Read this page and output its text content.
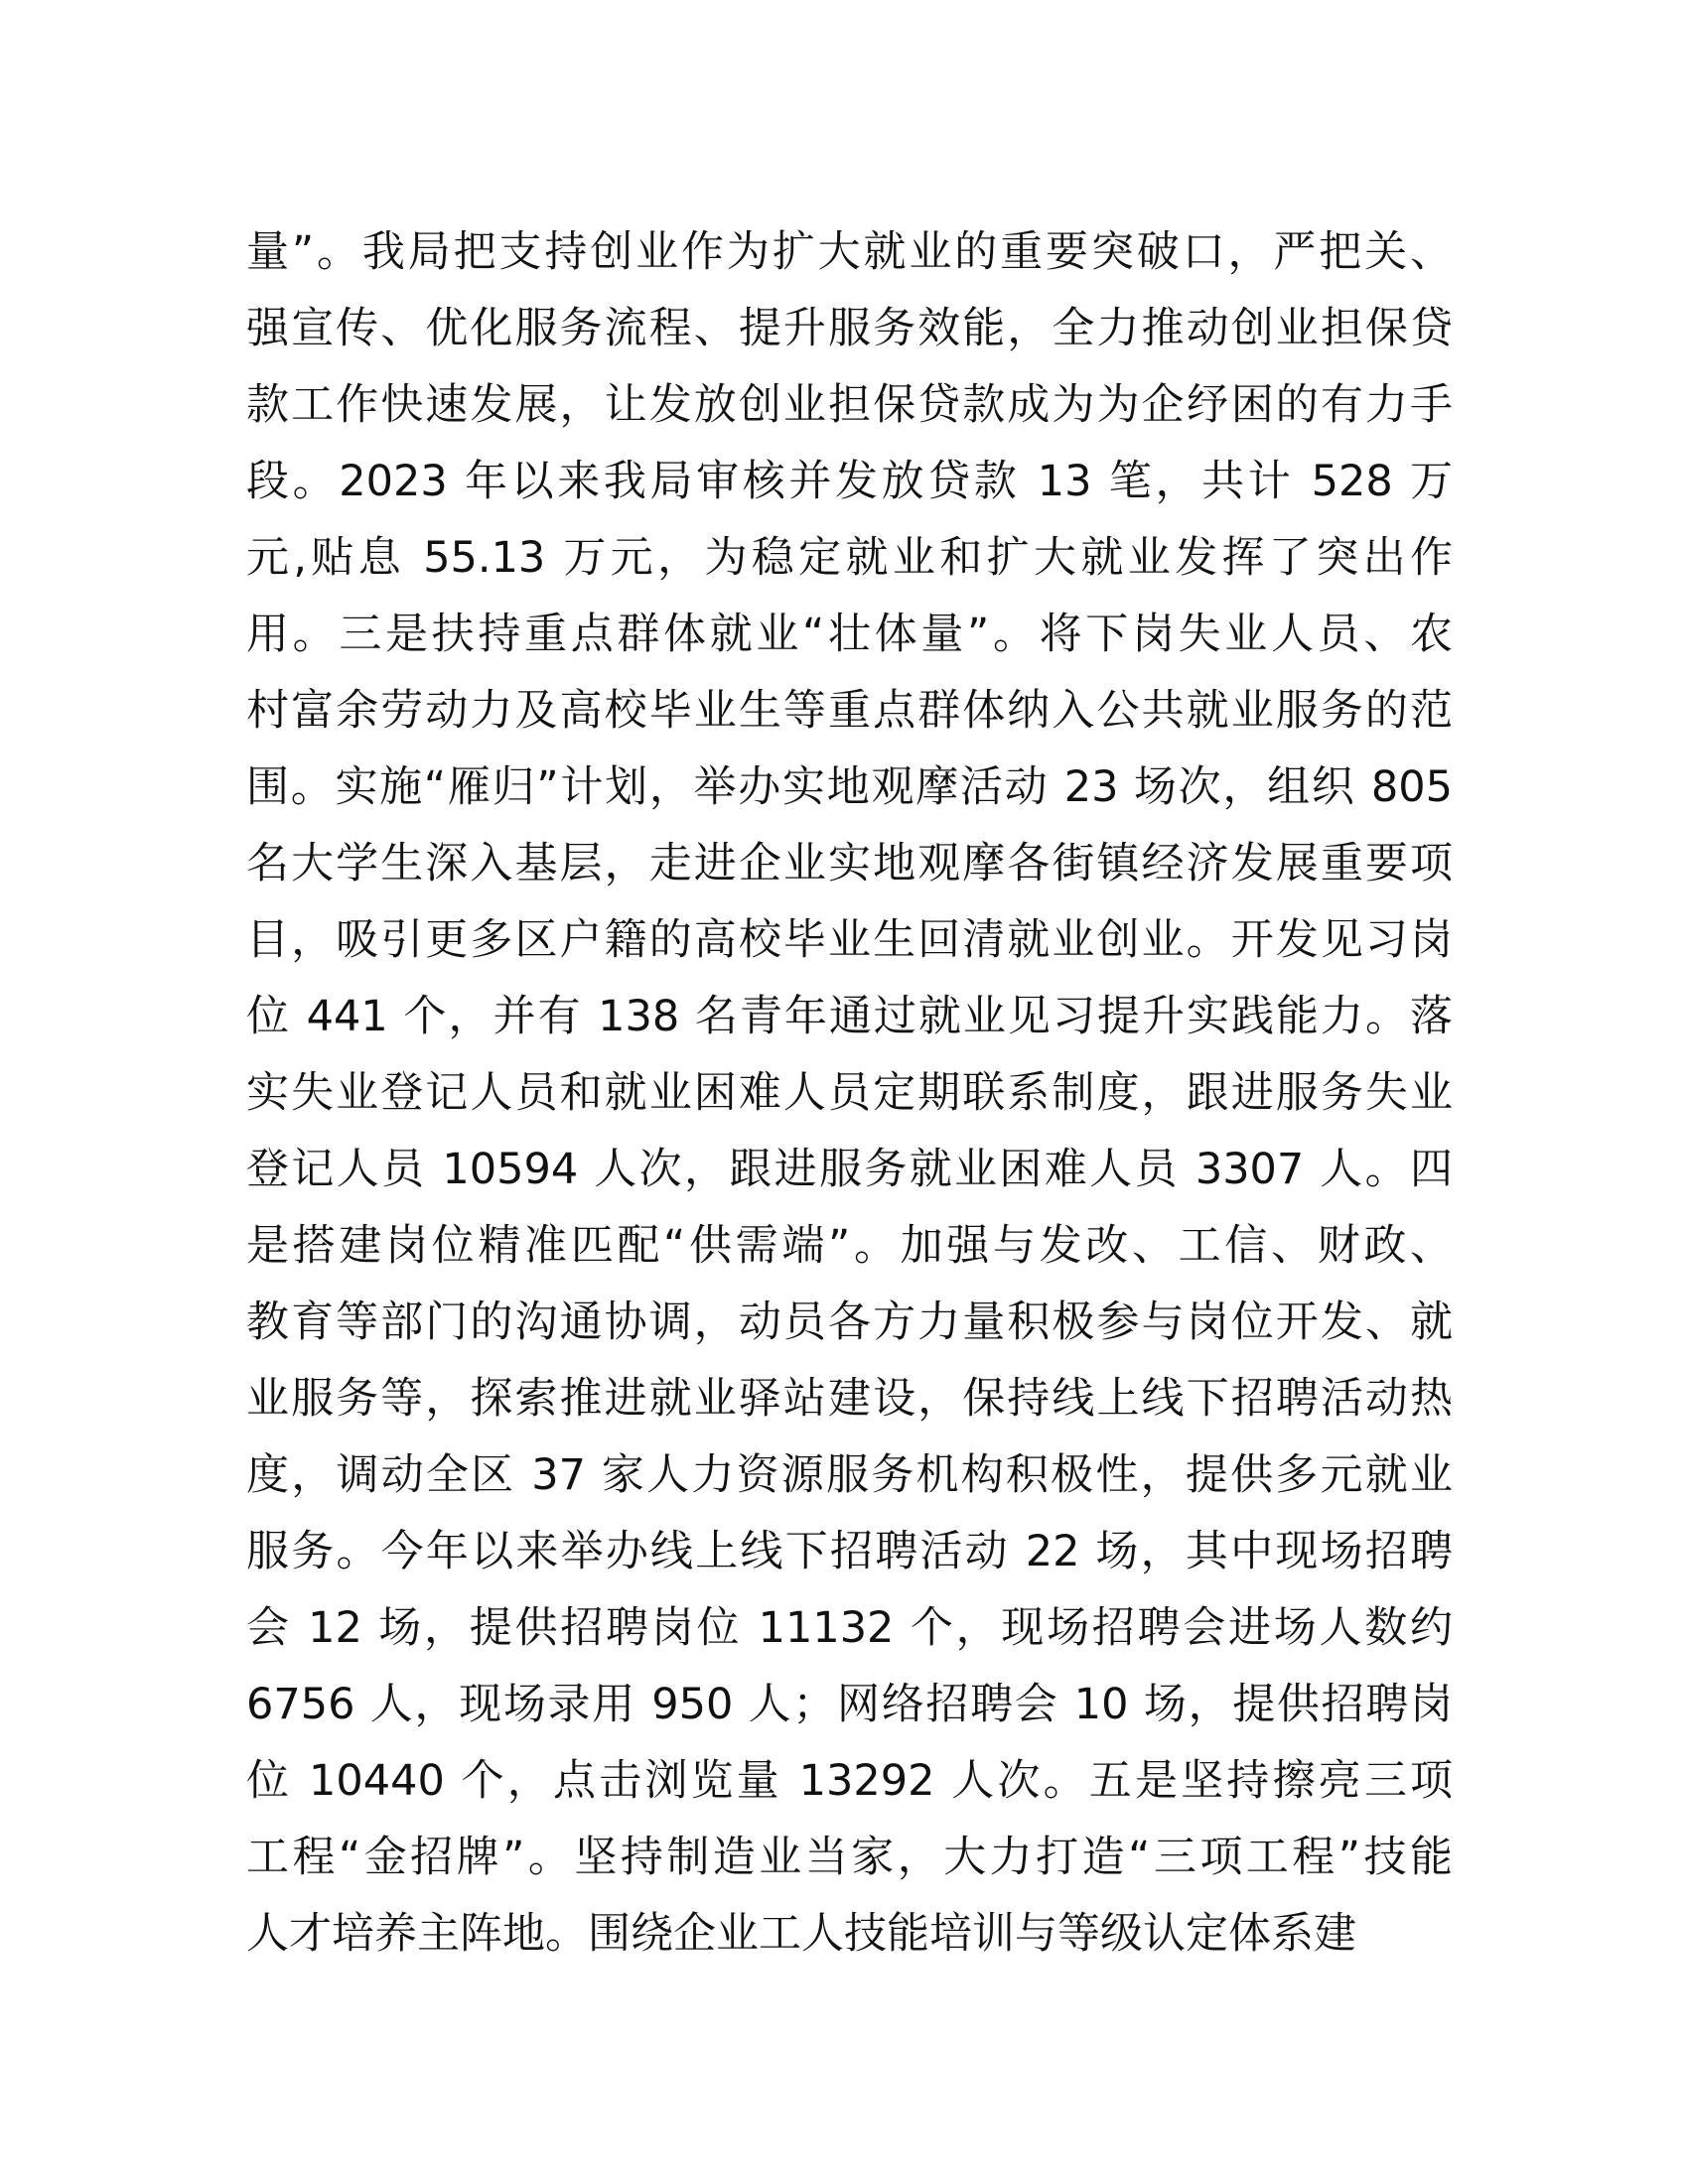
量”。我局把支持创业作为扩大就业的重要突破口，严把关、
强宣传、优化服务流程、提升服务效能，全力推动创业担保贷
款工作快速发展，让发放创业担保贷款成为为企纾困的有力手
段。2023 年以来我局审核并发放贷款 13 笔，共计 528 万
元,贴息 55.13 万元，为稳定就业和扩大就业发挥了突出作
用。三是扶持重点群体就业“壮体量”。将下岗失业人员、农
村富余劳动力及高校毕业生等重点群体纳入公共就业服务的范
围。实施“雁归”计划，举办实地观摩活动 23 场次，组织 805
名大学生深入基层，走进企业实地观摩各街镇经济发展重要项
目，吸引更多区户籍的高校毕业生回清就业创业。开发见习岗
位 441 个，并有 138 名青年通过就业见习提升实践能力。落
实失业登记人员和就业困难人员定期联系制度，跟进服务失业
登记人员 10594 人次，跟进服务就业困难人员 3307 人。四
是搭建岗位精准匹配“供需端”。加强与发改、工信、财政、
教育等部门的沟通协调，动员各方力量积极参与岗位开发、就
业服务等，探索推进就业驿站建设，保持线上线下招聘活动热
度，调动全区 37 家人力资源服务机构积极性，提供多元就业
服务。今年以来举办线上线下招聘活动 22 场，其中现场招聘
会 12 场，提供招聘岗位 11132 个，现场招聘会进场人数约
6756 人，现场录用 950 人；网络招聘会 10 场，提供招聘岗
位 10440 个，点击浏览量 13292 人次。五是坚持擦亮三项
工程“金招牌”。坚持制造业当家，大力打造“三项工程”技能
人才培养主阵地。围绕企业工人技能培训与等级认定体系建
